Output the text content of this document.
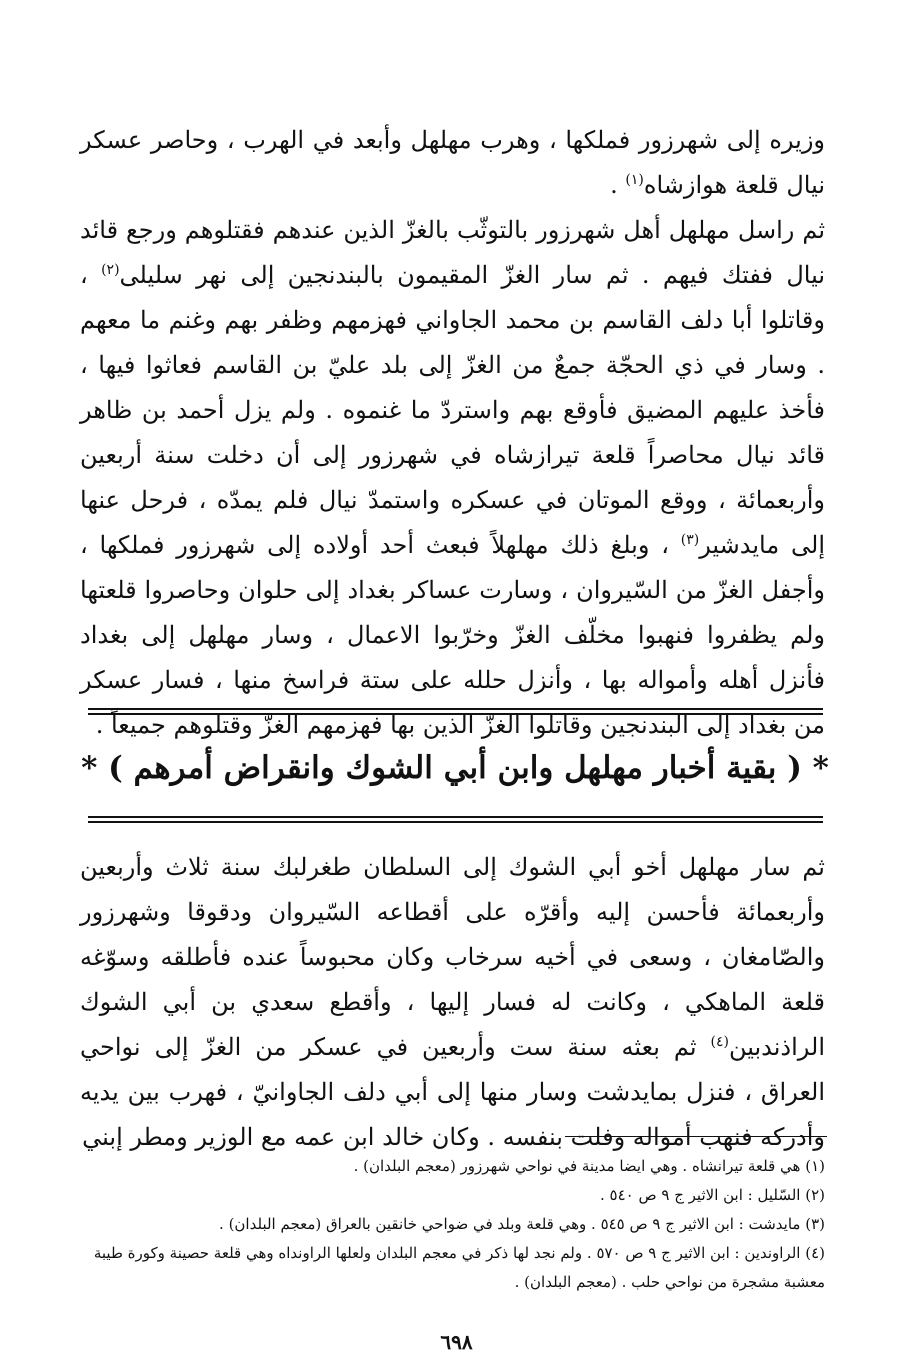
وزيره إلى شهرزور فملكها ، وهرب مهلهل وأبعد في الهرب ، وحاصر عسكر نيال قلعة هوازشاه$^{(١)}$ .

ثم راسل مهلهل أهل شهرزور بالتوثّب بالغزّ الذين عندهم فقتلوهم ورجع قائد نيال ففتك فيهم . ثم سار الغزّ المقيمون بالبندنجين إلى نهر سليلى$^{(٢)}$ ، وقاتلوا أبا دلف القاسم بن محمد الجاواني فهزمهم وظفر بهم وغنم ما معهم . وسار في ذي الحجّة جمعٌ من الغزّ إلى بلد عليّ بن القاسم فعاثوا فيها ، فأخذ عليهم المضيق فأوقع بهم واستردّ ما غنموه . ولم يزل أحمد بن ظاهر قائد نيال محاصراً قلعة تيرازشاه في شهرزور إلى أن دخلت سنة أربعين وأربعمائة ، ووقع الموتان في عسكره واستمدّ نيال فلم يمدّه ، فرحل عنها إلى مايدشير$^{(٣)}$ ، وبلغ ذلك مهلهلاً فبعث أحد أولاده إلى شهرزور فملكها ، وأجفل الغزّ من السّيروان ، وسارت عساكر بغداد إلى حلوان وحاصروا قلعتها ولم يظفروا فنهبوا مخلّف الغزّ وخرّبوا الاعمال ، وسار مهلهل إلى بغداد فأنزل أهله وأمواله بها ، وأنزل حلله على ستة فراسخ منها ، فسار عسكر من بغداد إلى البندنجين وقاتلوا الغزّ الذين بها فهزمهم الغزّ وقتلوهم جميعاً .

* ( بقية أخبار مهلهل وابن أبي الشوك وانقراض أمرهم ) *

ثم سار مهلهل أخو أبي الشوك إلى السلطان طغرلبك سنة ثلاث وأربعين وأربعمائة فأحسن إليه وأقرّه على أقطاعه السّيروان ودقوقا وشهرزور والصّامغان ، وسعى في أخيه سرخاب وكان محبوساً عنده فأطلقه وسوّغه قلعة الماهكي ، وكانت له فسار إليها ، وأقطع سعدي بن أبي الشوك الراذندبين$^{(٤)}$ ثم بعثه سنة ست وأربعين في عسكر من الغزّ إلى نواحي العراق ، فنزل بمايدشت وسار منها إلى أبي دلف الجاوانيّ ، فهرب بين يديه وأدركه فنهب أمواله وفلت بنفسه . وكان خالد ابن عمه مع الوزير ومطر إبني

(١) هي قلعة تيرانشاه . وهي ايضا مدينة في نواحي شهرزور (معجم البلدان) .

(٢) السّليل : ابن الاثير ج ٩ ص ٥٤٠ .

(٣) مايدشت : ابن الاثير ج ٩ ص ٥٤٥ . وهي قلعة وبلد في ضواحي خانقين بالعراق (معجم البلدان) .

(٤) الراوندين : ابن الاثير ج ٩ ص ٥٧٠ . ولم نجد لها ذكر في معجم البلدان ولعلها الراونداه وهي قلعة حصينة وكورة طيبة معشبة مشجرة من نواحي حلب . (معجم البلدان) .

٦٩٨
